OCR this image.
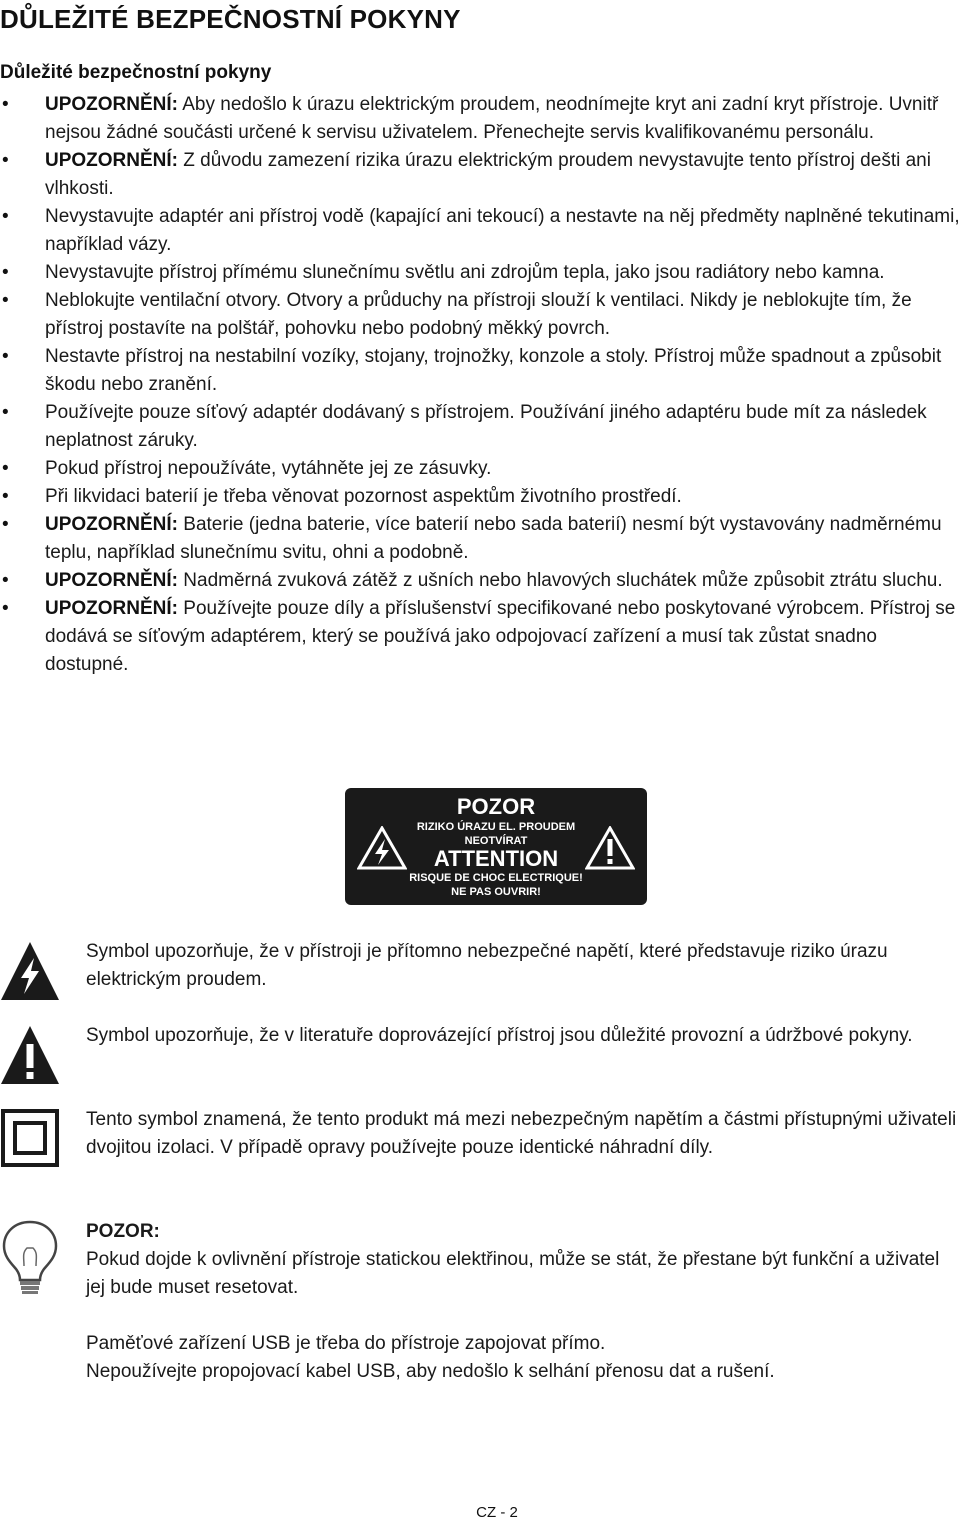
DŮLEŽITÉ BEZPEČNOSTNÍ POKYNY
Důležité bezpečnostní pokyny
• UPOZORNĚNÍ: Aby nedošlo k úrazu elektrickým proudem, neodnímejte kryt ani zadní kryt přístroje. Uvnitř nejsou žádné součásti určené k servisu uživatelem. Přenechejte servis kvalifikovanému personálu.
• UPOZORNĚNÍ: Z důvodu zamezení rizika úrazu elektrickým proudem nevystavujte tento přístroj dešti ani vlhkosti.
• Nevystavujte adaptér ani přístroj vodě (kapající ani tekoucí) a nestavte na něj předměty naplněné tekutinami, například vázy.
• Nevystavujte přístroj přímému slunečnímu světlu ani zdrojům tepla, jako jsou radiátory nebo kamna.
• Neblokujte ventilační otvory. Otvory a průduchy na přístroji slouží k ventilaci. Nikdy je neblokujte tím, že přístroj postavíte na polštář, pohovku nebo podobný měkký povrch.
• Nestavte přístroj na nestabilní vozíky, stojany, trojnožky, konzole a stoly. Přístroj může spadnout a způsobit škodu nebo zranění.
• Používejte pouze síťový adaptér dodávaný s přístrojem. Používání jiného adaptéru bude mít za následek neplatnost záruky.
• Pokud přístroj nepoužíváte, vytáhněte jej ze zásuvky.
• Při likvidaci baterií je třeba věnovat pozornost aspektům životního prostředí.
• UPOZORNĚNÍ: Baterie (jedna baterie, více baterií nebo sada baterií) nesmí být vystavovány nadměrnému teplu, například slunečnímu svitu, ohni a podobně.
• UPOZORNĚNÍ: Nadměrná zvuková zátěž z ušních nebo hlavových sluchátek může způsobit ztrátu sluchu.
• UPOZORNĚNÍ: Používejte pouze díly a příslušenství specifikované nebo poskytované výrobcem. Přístroj se dodává se síťovým adaptérem, který se používá jako odpojovací zařízení a musí tak zůstat snadno dostupné.
POZOR
RIZIKO ÚRAZU EL. PROUDEM
NEOTVÍRAT
ATTENTION
RISQUE DE CHOC ELECTRIQUE!
NE PAS OUVRIR!

Symbol upozorňuje, že v přístroji je přítomno nebezpečné napětí, které představuje riziko úrazu elektrickým proudem.

Symbol upozorňuje, že v literatuře doprovázející přístroj jsou důležité provozní a údržbové pokyny.

Tento symbol znamená, že tento produkt má mezi nebezpečným napětím a částmi přístupnými uživateli dvojitou izolaci. V případě opravy používejte pouze identické náhradní díly.

POZOR:

Pokud dojde k ovlivnění přístroje statickou elektřinou, může se stát, že přestane být funkční a uživatel jej bude muset resetovat.

Paměťové zařízení USB je třeba do přístroje zapojovat přímo.

Nepoužívejte propojovací kabel USB, aby nedošlo k selhání přenosu dat a rušení.

CZ - 2
